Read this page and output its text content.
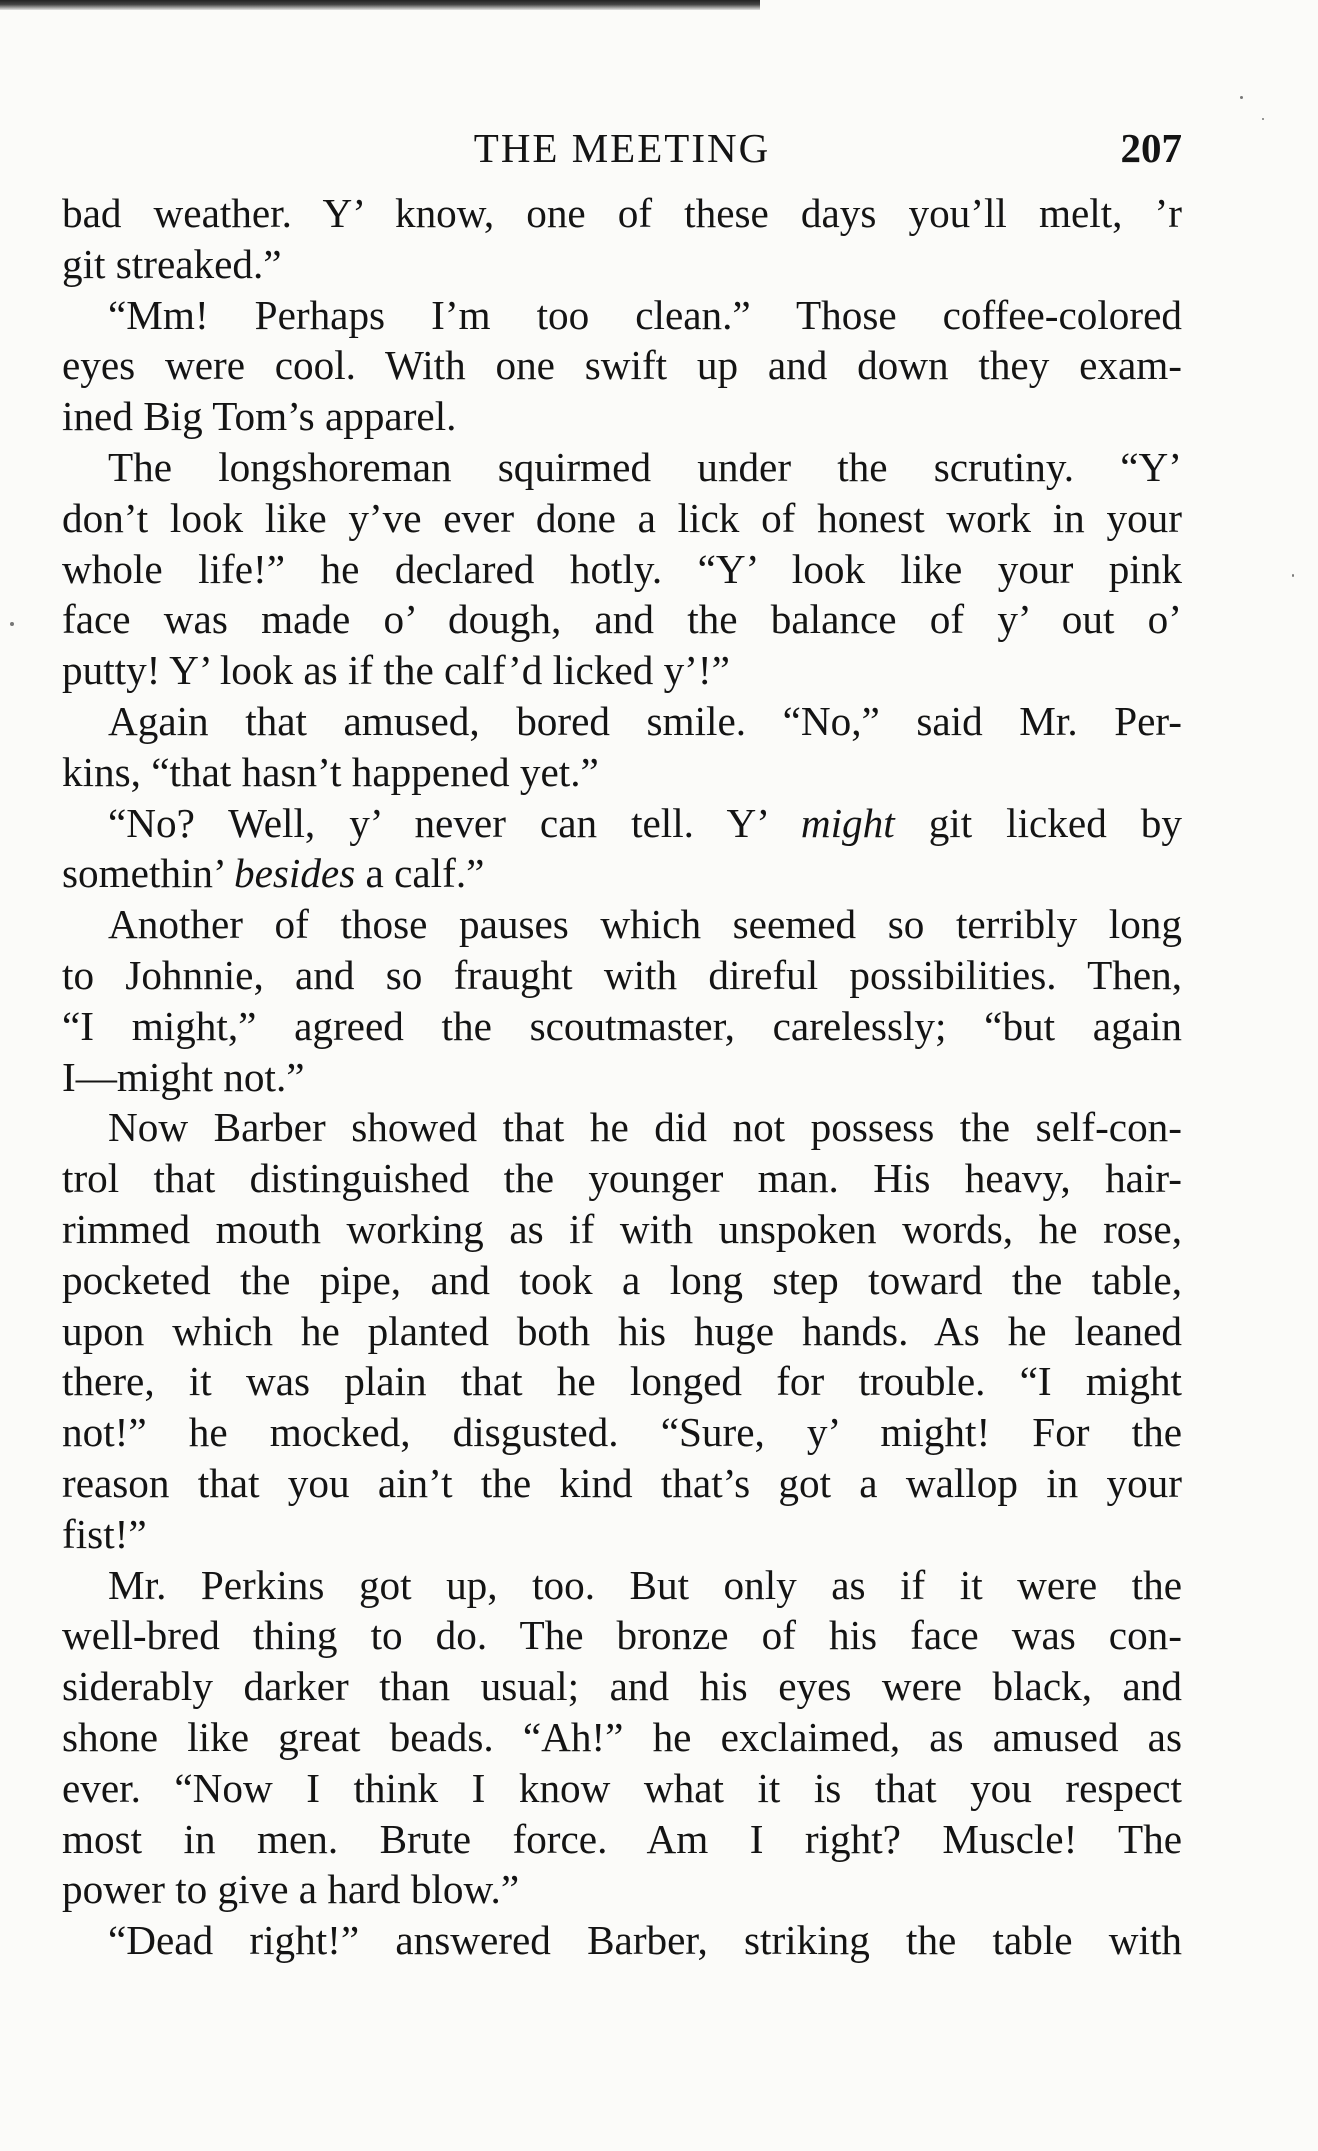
THE MEETING	207
bad weather. Y’ know, one of these days you’ll melt, ’r
git streaked.”
“Mm! Perhaps I’m too clean.” Those coffee-colored
eyes were cool. With one swift up and down they exam-
ined Big Tom’s apparel.
The longshoreman squirmed under the scrutiny. “Y’
don’t look like y’ve ever done a lick of honest work in your
whole life!” he declared hotly. “Y’ look like your pink
face was made o’ dough, and the balance of y’ out o’
putty! Y’ look as if the calf’d licked y’!”
Again that amused, bored smile. “No,” said Mr. Per-
kins, “that hasn’t happened yet.”
“No? Well, y’ never can tell. Y’ might git licked by
somethin’ besides a calf.”
Another of those pauses which seemed so terribly long
to Johnnie, and so fraught with direful possibilities. Then,
“I might,” agreed the scoutmaster, carelessly; “but again
I—might not.”
Now Barber showed that he did not possess the self-con-
trol that distinguished the younger man. His heavy, hair-
rimmed mouth working as if with unspoken words, he rose,
pocketed the pipe, and took a long step toward the table,
upon which he planted both his huge hands. As he leaned
there, it was plain that he longed for trouble. “I might
not!” he mocked, disgusted. “Sure, y’ might! For the
reason that you ain’t the kind that’s got a wallop in your
fist!”
Mr. Perkins got up, too. But only as if it were the
well-bred thing to do. The bronze of his face was con-
siderably darker than usual; and his eyes were black, and
shone like great beads. “Ah!” he exclaimed, as amused as
ever. “Now I think I know what it is that you respect
most in men. Brute force. Am I right? Muscle! The
power to give a hard blow.”
“Dead right!” answered Barber, striking the table with
